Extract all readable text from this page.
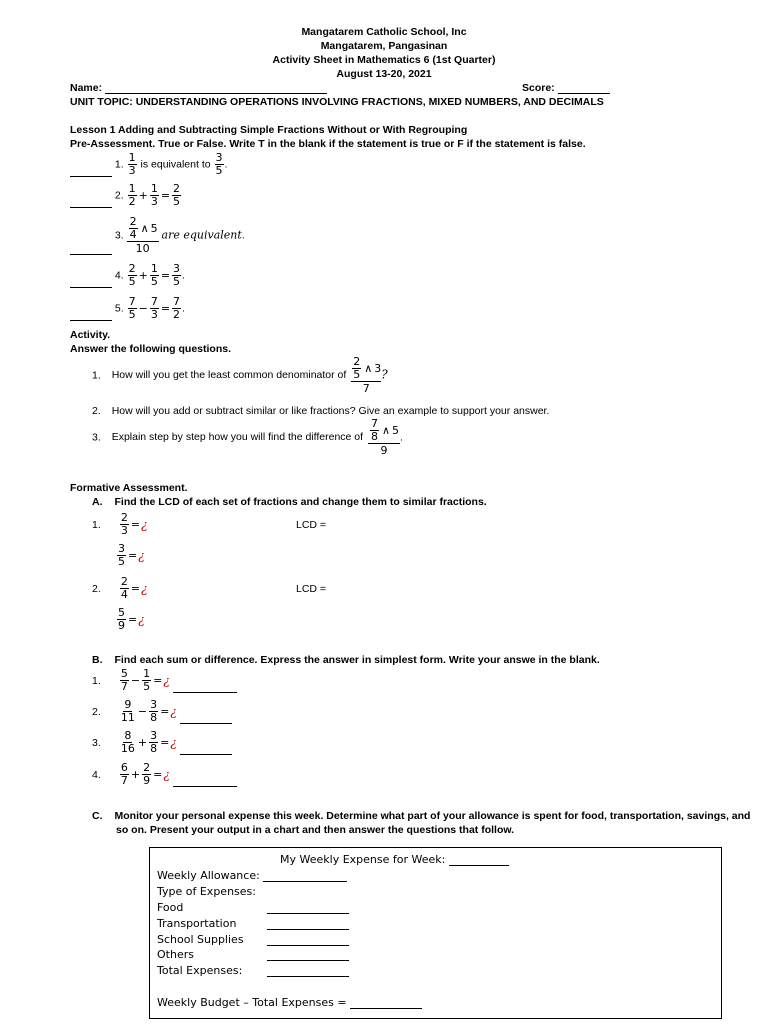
Mangatarem Catholic School, Inc
Mangatarem, Pangasinan
Activity Sheet in Mathematics 6 (1st Quarter)
August 13-20, 2021
Name:	Score:
UNIT TOPIC: UNDERSTANDING OPERATIONS INVOLVING FRACTIONS, MIXED NUMBERS, AND DECIMALS
Lesson 1 Adding and Subtracting Simple Fractions Without or With Regrouping
Pre-Assessment. True or False. Write T in the blank if the statement is true or F if the statement is false.
1. $\frac{1}{3}$ is equivalent to $\frac{3}{5}$ .
2. $\frac{1}{2} + \frac{1}{3} = \frac{2}{5}$
3. $\frac{\frac{2}{4} \wedge 5}{10}$ are equivalent.
4. $\frac{2}{5} + \frac{1}{5} = \frac{3}{5}$ .
5. $\frac{7}{5} - \frac{7}{3} = \frac{7}{2}$ .
Activity.
Answer the following questions.
1. How will you get the least common denominator of $\frac{\frac{2}{5} \wedge 3}{7}$ ?
2. How will you add or subtract similar or like fractions? Give an example to support your answer.
3. Explain step by step how you will find the difference of $\frac{\frac{7}{8} \wedge 5}{9}$ .
Formative Assessment.
A. Find the LCD of each set of fractions and change them to similar fractions.
1. $\frac{2}{3}$ =¿	LCD =
$\frac{3}{5}$ =¿
2. $\frac{2}{4}$ =¿	LCD =
$\frac{5}{9}$ =¿
B. Find each sum or difference. Express the answer in simplest form. Write your answe in the blank.
1. $\frac{5}{7} - \frac{1}{5}$ =¿
2. $\frac{9}{11} - \frac{3}{8}$ =¿
3. $\frac{8}{16} + \frac{3}{8}$ =¿
4. $\frac{6}{7} + \frac{2}{9}$ =¿
C. Monitor your personal expense this week. Determine what part of your allowance is spent for food, transportation, savings, and
so on. Present your output in a chart and then answer the questions that follow.
My Weekly Expense for Week:
Weekly Allowance:
Type of Expenses:
Food
Transportation
School Supplies
Others
Total Expenses:
Weekly Budget – Total Expenses =
